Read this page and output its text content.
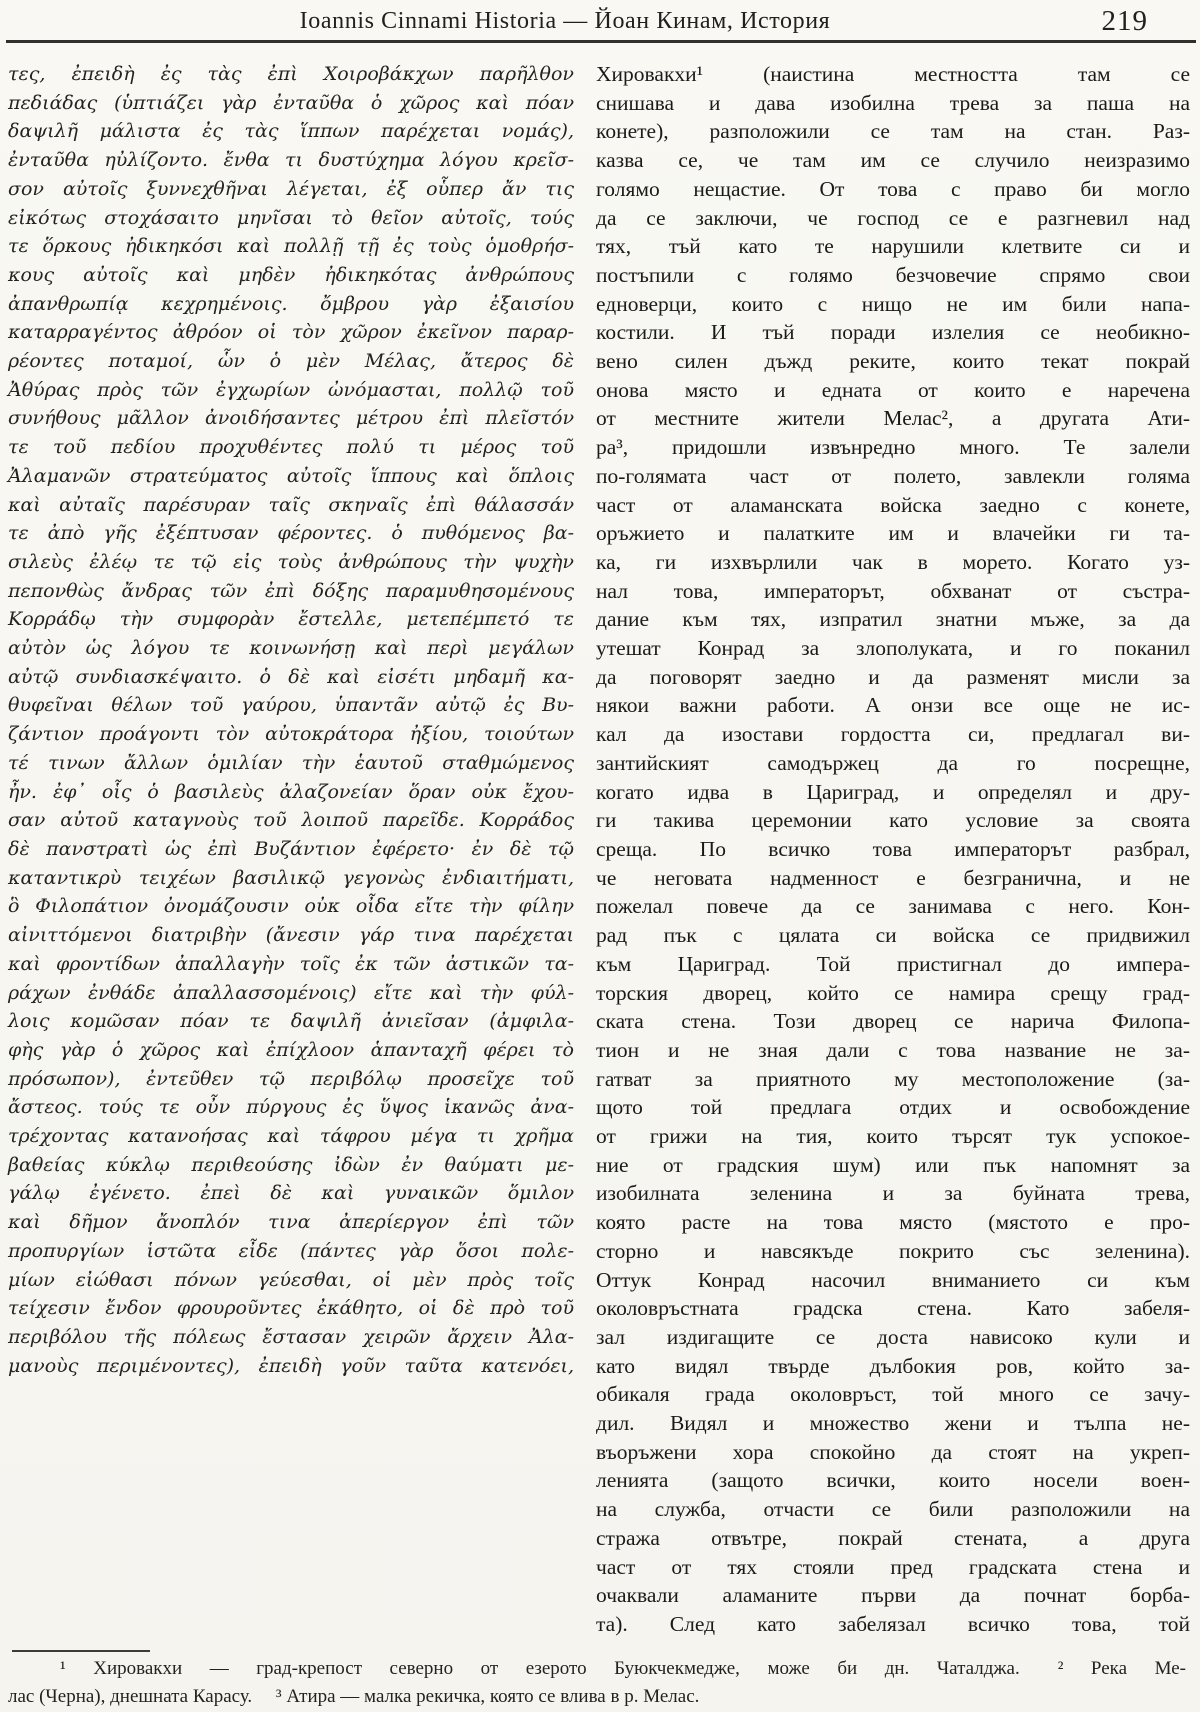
Ioannis Cinnami Historia — Йоан Кинам, История	219
τες, ἐπειδὴ ἐς τὰς ἐπὶ Χοιροβάκχων παρῆλθον
πεδιάδας (ὑπτιάζει γὰρ ἐνταῦθα ὁ χῶρος καὶ πόαν
δαψιλῆ μάλιστα ἐς τὰς ἵππων παρέχεται νομάς),
ἐνταῦθα ηὐλίζοντο. ἔνθα τι δυστύχημα λόγου κρεῖσ-
σον αὐτοῖς ξυννεχθῆναι λέγεται, ἐξ οὗπερ ἄν τις
εἰκότως στοχάσαιτο μηνῖσαι τὸ θεῖον αὐτοῖς, τούς
τε ὅρκους ἠδικηκόσι καὶ πολλῇ τῇ ἐς τοὺς ὁμοθρήσ-
κους αὐτοῖς καὶ μηδὲν ἠδικηκότας ἀνθρώπους
ἀπανθρωπίᾳ κεχρημένοις. ὄμβρου γὰρ ἐξαισίου
καταρραγέντος ἀθρόον οἱ τὸν χῶρον ἐκεῖνον παραρ-
ρέοντες ποταμοί, ὧν ὁ μὲν Μέλας, ἄτερος δὲ
Ἀθύρας πρὸς τῶν ἐγχωρίων ὠνόμασται, πολλῷ τοῦ
συνήθους μᾶλλον ἀνοιδήσαντες μέτρου ἐπὶ πλεῖστόν
τε τοῦ πεδίου προχυθέντες πολύ τι μέρος τοῦ
Ἀλαμανῶν στρατεύματος αὐτοῖς ἵππους καὶ ὅπλοις
καὶ αὐταῖς παρέσυραν ταῖς σκηναῖς ἐπὶ θάλασσάν
τε ἀπὸ γῆς ἐξέπτυσαν φέροντες. ὁ πυθόμενος βα-
σιλεὺς ἐλέῳ τε τῷ εἰς τοὺς ἀνθρώπους τὴν ψυχὴν
πεπονθὼς ἄνδρας τῶν ἐπὶ δόξης παραμυθησομένους
Κορράδῳ τὴν συμφορὰν ἔστελλε, μετεπέμπετό τε
αὐτὸν ὡς λόγου τε κοινωνήσῃ καὶ περὶ μεγάλων
αὐτῷ συνδιασκέψαιτο. ὁ δὲ καὶ εἰσέτι μηδαμῆ κα-
θυφεῖναι θέλων τοῦ γαύρου, ὑπαντᾶν αὐτῷ ἐς Βυ-
ζάντιον προάγοντι τὸν αὐτοκράτορα ἠξίου, τοιούτων
τέ τινων ἄλλων ὁμιλίαν τὴν ἑαυτοῦ σταθμώμενος
ἦν. ἐφ᾽ οἷς ὁ βασιλεὺς ἀλαζονείαν ὅραν οὐκ ἔχου-
σαν αὐτοῦ καταγνοὺς τοῦ λοιποῦ παρεῖδε. Κορράδος
δὲ πανστρατὶ ὡς ἐπὶ Βυζάντιον ἐφέρετο· ἐν δὲ τῷ
καταντικρὺ τειχέων βασιλικῷ γεγονὼς ἐνδιαιτήματι,
ὃ Φιλοπάτιον ὀνομάζουσιν οὐκ οἶδα εἴτε τὴν φίλην
αἰνιττόμενοι διατριβὴν (ἄνεσιν γάρ τινα παρέχεται
καὶ φροντίδων ἀπαλλαγὴν τοῖς ἐκ τῶν ἀστικῶν τα-
ράχων ἐνθάδε ἀπαλλασσομένοις) εἴτε καὶ τὴν φύλ-
λοις κομῶσαν πόαν τε δαψιλῆ ἀνιεῖσαν (ἀμφιλα-
φὴς γὰρ ὁ χῶρος καὶ ἐπίχλοον ἁπανταχῆ φέρει τὸ
πρόσωπον), ἐντεῦθεν τῷ περιβόλῳ προσεῖχε τοῦ
ἄστεος. τούς τε οὖν πύργους ἐς ὕψος ἱκανῶς ἀνα-
τρέχοντας κατανοήσας καὶ τάφρου μέγα τι χρῆμα
βαθείας κύκλῳ περιθεούσης ἰδὼν ἐν θαύματι με-
γάλῳ ἐγένετο. ἐπεὶ δὲ καὶ γυναικῶν ὅμιλον
καὶ δῆμον ἄνοπλόν τινα ἀπερίεργον ἐπὶ τῶν
προπυργίων ἱστῶτα εἶδε (πάντες γὰρ ὅσοι πολε-
μίων εἰώθασι πόνων γεύεσθαι, οἱ μὲν πρὸς τοῖς
τείχεσιν ἔνδον φρουροῦντες ἐκάθητο, οἱ δὲ πρὸ τοῦ
περιβόλου τῆς πόλεως ἔστασαν χειρῶν ἄρχειν Ἀλα-
μανοὺς περιμένοντες), ἐπειδὴ γοῦν ταῦτα κατενόει,
Хировакхи¹ (наистина местността там се
снишава и дава изобилна трева за паша на
конете), разположили се там на стан. Раз-
казва се, че там им се случило неизразимо
голямо нещастие. От това с право би могло
да се заключи, че господ се е разгневил над
тях, тъй като те нарушили клетвите си и
постъпили с голямо безчовечие спрямо свои
едноверци, които с нищо не им били напа-
костили. И тъй поради излелия се необикно-
вено силен дъжд реките, които текат покрай
онова място и едната от които е наречена
от местните жители Мелас², а другата Ати-
ра³, придошли извънредно много. Те залели
по-голямата част от полето, завлекли голяма
част от аламанската войска заедно с конете,
оръжието и палатките им и влачейки ги та-
ка, ги изхвърлили чак в морето. Когато уз-
нал това, императорът, обхванат от състра-
дание към тях, изпратил знатни мъже, за да
утешат Конрад за злополуката, и го поканил
да поговорят заедно и да разменят мисли за
някои важни работи. А онзи все още не ис-
кал да изостави гордостта си, предлагал ви-
зантийският самодържец да го посрещне,
когато идва в Цариград, и определял и дру-
ги такива церемонии като условие за своята
среща. По всичко това императорът разбрал,
че неговата надменност е безгранична, и не
пожелал повече да се занимава с него. Кон-
рад пък с цялата си войска се придвижил
към Цариград. Той пристигнал до импера-
торския дворец, който се намира срещу град-
ската стена. Този дворец се нарича Филопа-
тион и не зная дали с това название не за-
гатват за приятното му местоположение (за-
щото той предлага отдих и освобождение
от грижи на тия, които търсят тук успокое-
ние от градския шум) или пък напомнят за
изобилната зеленина и за буйната трева,
която расте на това място (мястото е про-
сторно и навсякъде покрито със зеленина).
Оттук Конрад насочил вниманието си към
околовръстната градска стена. Като забеля-
зал издигащите се доста нависоко кули и
като видял твърде дълбокия ров, който за-
обикаля града околовръст, той много се зачу-
дил. Видял и множество жени и тълпа не-
въоръжени хора спокойно да стоят на укреп-
ленията (защото всички, които носели воен-
на служба, отчасти се били разположили на
стража отвътре, покрай стената, а друга
част от тях стояли пред градската стена и
очаквали аламаните първи да почнат борба-
та). След като забелязал всичко това, той
¹ Хировакхи — град-крепост северно от езерото Буюкчекмедже, може би дн. Чаталджа.  ² Река Ме-
лас (Черна), днешната Карасу.  ³ Атира — малка рекичка, която се влива в р. Мелас.
